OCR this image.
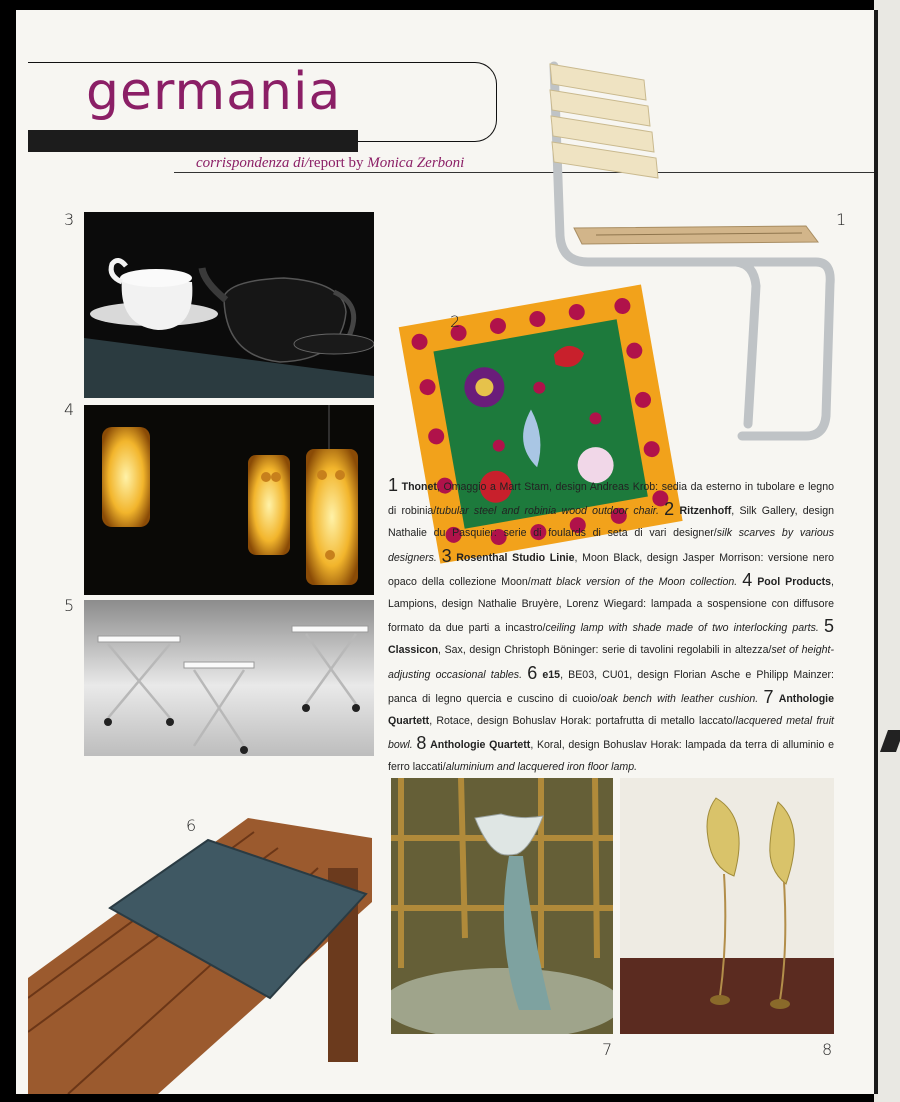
germania
corrispondenza di/report by Monica Zerboni
3
4
5
6
2
1
7	8
1 Thonet, Omaggio a Mart Stam, design Andreas Krob: sedia da esterno in tubolare e legno di robinia/tubular steel and robinia wood outdoor chair. 2 Ritzenhoff, Silk Gallery, design Nathalie du Pasquier: serie di foulards di seta di vari designer/silk scarves by various designers. 3 Rosenthal Studio Linie, Moon Black, design Jasper Morrison: versione nero opaco della collezione Moon/matt black version of the Moon collection. 4 Pool Products, Lampions, design Nathalie Bruyère, Lorenz Wiegard: lampada a sospensione con diffusore formato da due parti a incastro/ceiling lamp with shade made of two interlocking parts. 5 Classicon, Sax, design Christoph Böninger: serie di tavolini regolabili in altezza/set of height-adjusting occasional tables. 6 e15, BE03, CU01, design Florian Asche e Philipp Mainzer: panca di legno quercia e cuscino di cuoio/oak bench with leather cushion. 7 Anthologie Quartett, Rotace, design Bohuslav Horak: portafrutta di metallo laccato/lacquered metal fruit bowl. 8 Anthologie Quartett, Koral, design Bohuslav Horak: lampada da terra di alluminio e ferro laccati/aluminium and lacquered iron floor lamp.
